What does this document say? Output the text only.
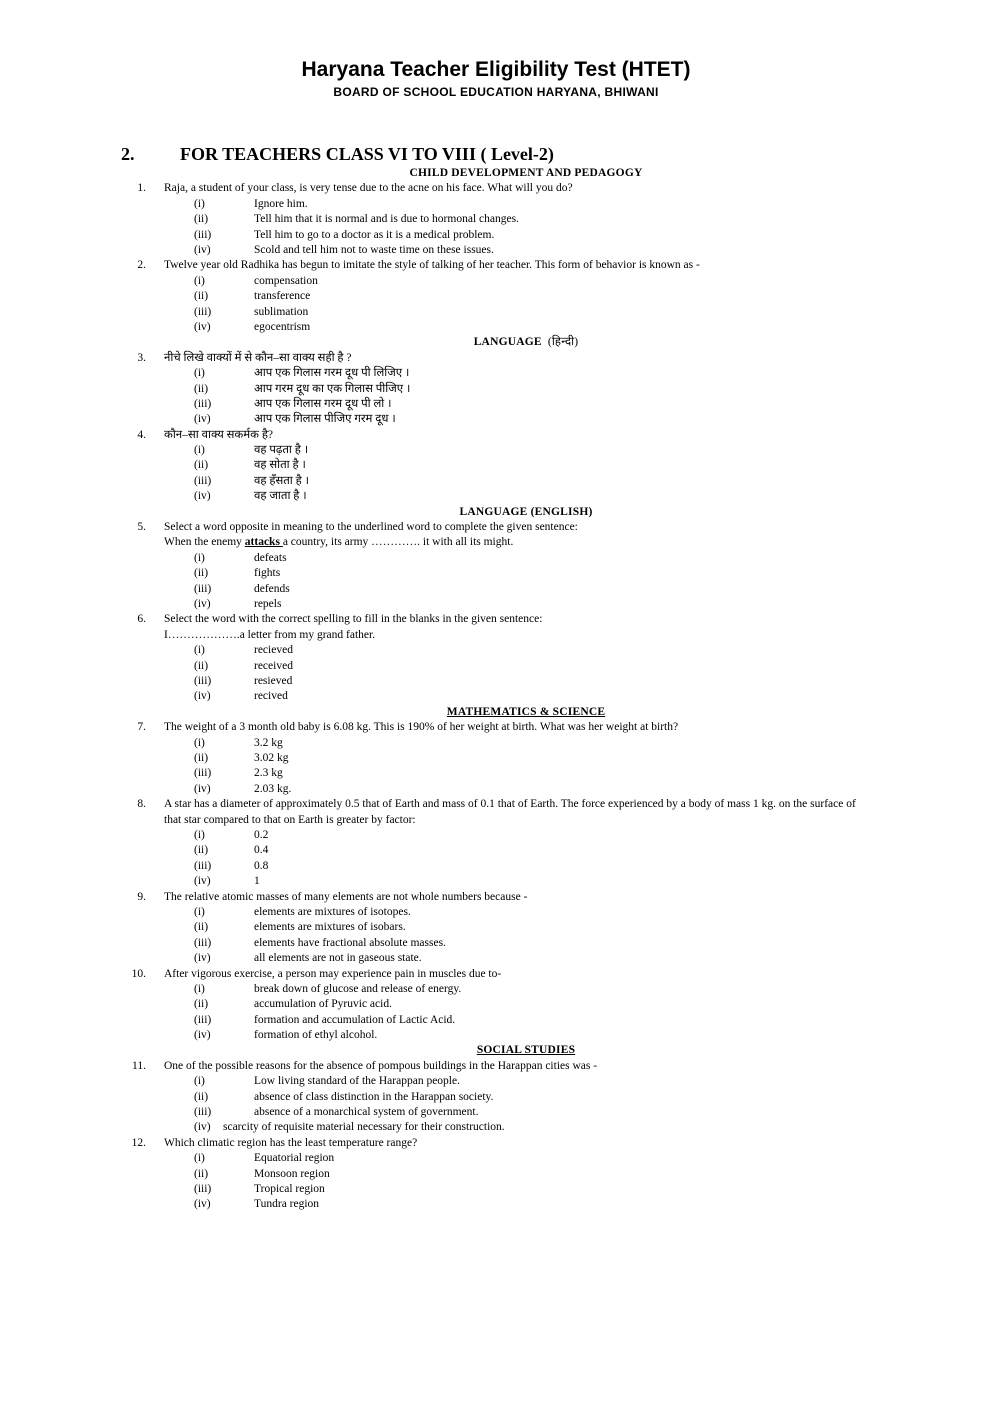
Haryana Teacher Eligibility Test (HTET)
BOARD OF SCHOOL EDUCATION HARYANA, BHIWANI
2.	FOR TEACHERS CLASS VI TO VIII ( Level-2)
CHILD DEVELOPMENT AND PEDAGOGY
1. Raja, a student of your class, is very tense due to the acne on his face. What will you do?
(i)	Ignore him.
(ii)	Tell him that it is normal and is due to hormonal changes.
(iii)	Tell him to go to a doctor as it is a medical problem.
(iv)	Scold and tell him not to waste time on these issues.
2. Twelve year old Radhika has begun to imitate the style of talking of her teacher. This form of behavior is known as -
(i)	compensation
(ii)	transference
(iii)	sublimation
(iv)	egocentrism
LANGUAGE (हिन्दी)
3. नीचे लिखे वाक्यों में से कौन–सा वाक्य सही है ?
(i)	आप एक गिलास गरम दूध पी लिजिए ।
(ii)	आप गरम दूध का एक गिलास पीजिए ।
(iii)	आप एक गिलास गरम दूध पी लो ।
(iv)	आप एक गिलास पीजिए गरम दूध ।
4. कौन–सा वाक्य सकर्मक है?
(i)	वह पढ़ता है ।
(ii)	वह सोता है ।
(iii)	वह हँसता है ।
(iv)	वह जाता है ।
LANGUAGE (ENGLISH)
5. Select a word opposite in meaning to the underlined word to complete the given sentence:
When the enemy attacks a country, its army …………. it with all its might.
(i)	defeats
(ii)	fights
(iii)	defends
(iv)	repels
6. Select the word with the correct spelling to fill in the blanks in the given sentence:
I……………….a letter from my grand father.
(i)	recieved
(ii)	received
(iii)	resieved
(iv)	recived
MATHEMATICS & SCIENCE
7. The weight of a 3 month old baby is 6.08 kg. This is 190% of her weight at birth. What was her weight at birth?
(i)	3.2 kg
(ii)	3.02 kg
(iii)	2.3 kg
(iv)	2.03 kg.
8. A star has a diameter of approximately 0.5 that of Earth and mass of 0.1 that of Earth. The force experienced by a body of mass 1 kg. on the surface of that star compared to that on Earth is greater by factor:
(i)	0.2
(ii)	0.4
(iii)	0.8
(iv)	1
9. The relative atomic masses of many elements are not whole numbers because -
(i)	elements are mixtures of isotopes.
(ii)	elements are mixtures of isobars.
(iii)	elements have fractional absolute masses.
(iv)	all elements are not in gaseous state.
10. After vigorous exercise, a person may experience pain in muscles due to-
(i)	break down of glucose and release of energy.
(ii)	accumulation of Pyruvic acid.
(iii)	formation and accumulation of Lactic Acid.
(iv)	formation of ethyl alcohol.
SOCIAL STUDIES
11. One of the possible reasons for the absence of pompous buildings in the Harappan cities was -
(i)	Low living standard of the Harappan people.
(ii)	absence of class distinction in the Harappan society.
(iii)	absence of a monarchical system of government.
(iv) scarcity of requisite material necessary for their construction.
12. Which climatic region has the least temperature range?
(i)	Equatorial region
(ii)	Monsoon region
(iii)	Tropical region
(iv)	Tundra region
